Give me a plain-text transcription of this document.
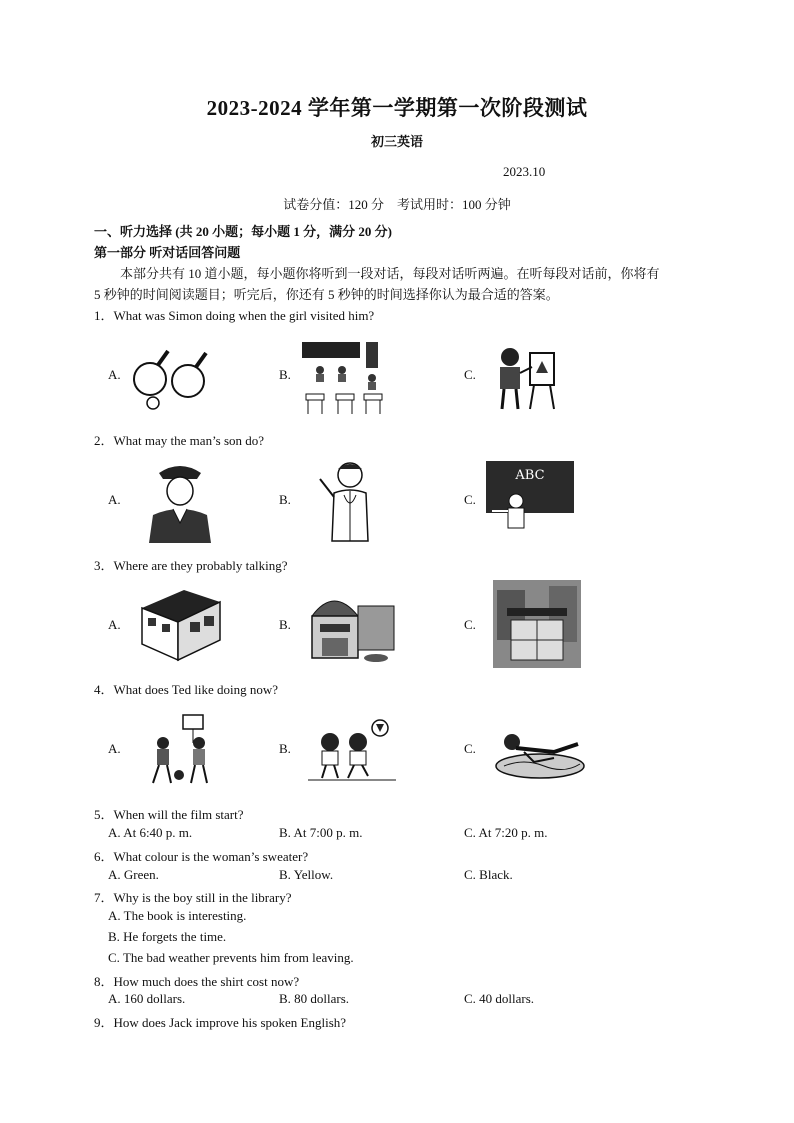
2023-2024 学年第一学期第一次阶段测试
初三英语
2023.10
试卷分值：120 分　考试用时：100 分钟
一、听力选择 (共 20 小题；每小题 1 分，满分 20 分)
第一部分 听对话回答问题
本部分共有 10 道小题，每小题你将听到一段对话，每段对话听两遍。在听每段对话前，你将有
5 秒钟的时间阅读题目；听完后，你还有 5 秒钟的时间选择你认为最合适的答案。
1．What was Simon doing when the girl visited him?
A.	B.	C.
2．What may the man’s son do?
A.	B.	C.
ABC
3．Where are they probably talking?
A.	B.	C.
4．What does Ted like doing now?
A.	B.	C.
5．When will the film start?
A. At 6:40 p. m.	B. At 7:00 p. m.	C. At 7:20 p. m.
6．What colour is the woman’s sweater?
A. Green.	B. Yellow.	C. Black.
7．Why is the boy still in the library?
A. The book is interesting.
B. He forgets the time.
C. The bad weather prevents him from leaving.
8．How much does the shirt cost now?
A. 160 dollars.	B. 80 dollars.	C. 40 dollars.
9．How does Jack improve his spoken English?
